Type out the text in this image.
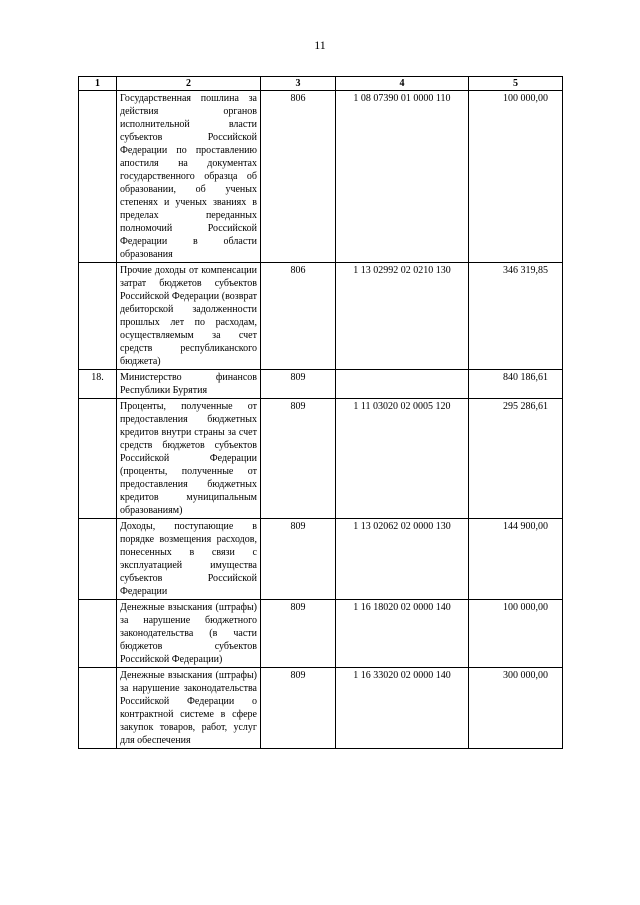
11
1	2	3	4	5
	Государственная пошлина за действия органов исполнительной власти субъектов Российской Федерации по проставлению апостиля на документах государственного образца об образовании, об ученых степенях и ученых званиях в пределах переданных полномочий Российской Федерации в области образования	806	1 08 07390 01 0000 110	100 000,00
	Прочие доходы от компенсации затрат бюджетов субъектов Российской Федерации (возврат дебиторской задолженности прошлых лет по расходам, осуществляемым за счет средств республиканского бюджета)	806	1 13 02992 02 0210 130	346 319,85
18.	Министерство финансов Республики Бурятия	809		840 186,61
	Проценты, полученные от предоставления бюджетных кредитов внутри страны за счет средств бюджетов субъектов Российской Федерации (проценты, полученные от предоставления бюджетных кредитов муниципальным образованиям)	809	1 11 03020 02 0005 120	295 286,61
	Доходы, поступающие в порядке возмещения расходов, понесенных в связи с эксплуатацией имущества субъектов Российской Федерации	809	1 13 02062 02 0000 130	144 900,00
	Денежные взыскания (штрафы) за нарушение бюджетного законодательства (в части бюджетов субъектов Российской Федерации)	809	1 16 18020 02 0000 140	100 000,00
	Денежные взыскания (штрафы) за нарушение законодательства Российской Федерации о контрактной системе в сфере закупок товаров, работ, услуг для обеспечения	809	1 16 33020 02 0000 140	300 000,00
